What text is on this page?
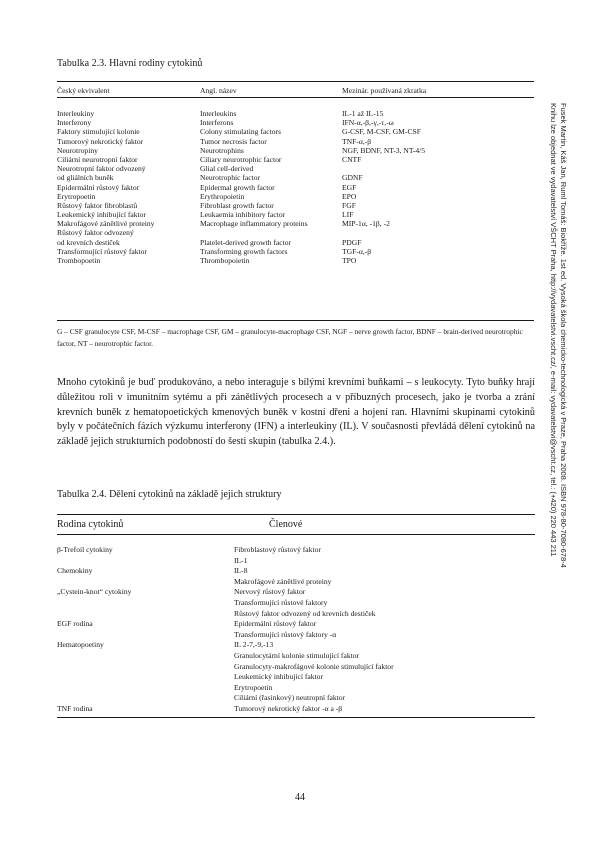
Tabulka 2.3. Hlavní rodiny cytokinů
Český ekvivalent	Angl. název	Mezinár. používaná zkratka
Interleukiny	Interleukins	IL-1 až IL-15
Interferony	Interferons	IFN-α,-β,-γ,-τ,-ω
Faktory stimulující kolonie	Colony stimulating factors	G-CSF, M-CSF, GM-CSF
Tumorový nekrotický faktor	Tumor necrosis factor	TNF-α,-β
Neurotropiny	Neurotrophins	NGF, BDNF, NT-3, NT-4/5
Ciliární neurotropní faktor	Ciliary neurotrophic factor	CNTF
Neurotropní faktor odvozený	Glial cell-derived
od gliálních buněk	Neurotrophic factor	GDNF
Epidermální růstový faktor	Epidermal growth factor	EGF
Erytropoetin	Erythropoietin	EPO
Růstový faktor fibroblastů	Fibroblast growth factor	FGF
Leukemický inhibující faktor	Leukaemia inhibitory factor	LIF
Makrofágové zánětlivé proteiny	Macrophage inflammatory proteins	MIP-1α, -1β, -2
Růstový faktor odvozený
od krevních destiček	Platelet-derived growth factor	PDGF
Transformující růstový faktor	Transforming growth factors	TGF-α,-β
Trombopoetin	Thrombopoietin	TPO
G – CSF granulocyte CSF, M-CSF – macrophage CSF, GM – granulocyte-macrophage CSF, NGF – nerve growth factor, BDNF – brain-derived neurotrophic factor, NT – neurotrophic factor.
Mnoho cytokinů je buď produkováno, a nebo interaguje s bílými krevními buňkami – s leukocyty. Tyto buňky hrají důležitou roli v imunitním sytému a při zánětlivých procesech a v příbuzných procesech, jako je tvorba a zrání krevních buněk z hematopoetických kmenových buněk v kostní dřeni a hojení ran. Hlavními skupinami cytokinů byly v počátečních fázích výzkumu interferony (IFN) a interleukiny (IL). V současnosti převládá dělení cytokinů na základě jejich strukturních podobností do šesti skupin (tabulka 2.4.).
Tabulka 2.4. Dělení cytokinů na základě jejich struktury
Rodina cytokinů	Členové
β-Trefoil cytokiny	Fibroblastový růstový faktor
IL-1
Chemokiny	IL-8
Makrofágové zánětlivé proteiny
„Cystein-knot“ cytokiny	Nervový růstový faktor
Transformující růstové faktory
Růstový faktor odvozený od krevních destiček
EGF rodina	Epidermální růstový faktor
Transformující růstový faktory -α
Hematopoetiny	IL 2-7,-9,-13
Granulocytární kolonie stimulující faktor
Granulocyty-makrofágové kolonie stimulující faktor
Leukemický inhibující faktor
Erytropoetin
Ciliární (řasinkový) neutropní faktor
TNF rodina	Tumorový nekrotický faktor -α a -β
44
Fusek Martin, Káš Jan, Ruml Tomáš: Biokříže. 1st ed. Vysoká škola chemicko-technologická v Praze, Praha 2008. ISBN 978-80-7080-678-4
Knihu lze objednat ve vydavatelství VŠCHT Praha, http://vydavatelstvi.vscht.cz/, e-mail: vydavatelstvi@vscht.cz, tel.: (+420) 220 443 211
